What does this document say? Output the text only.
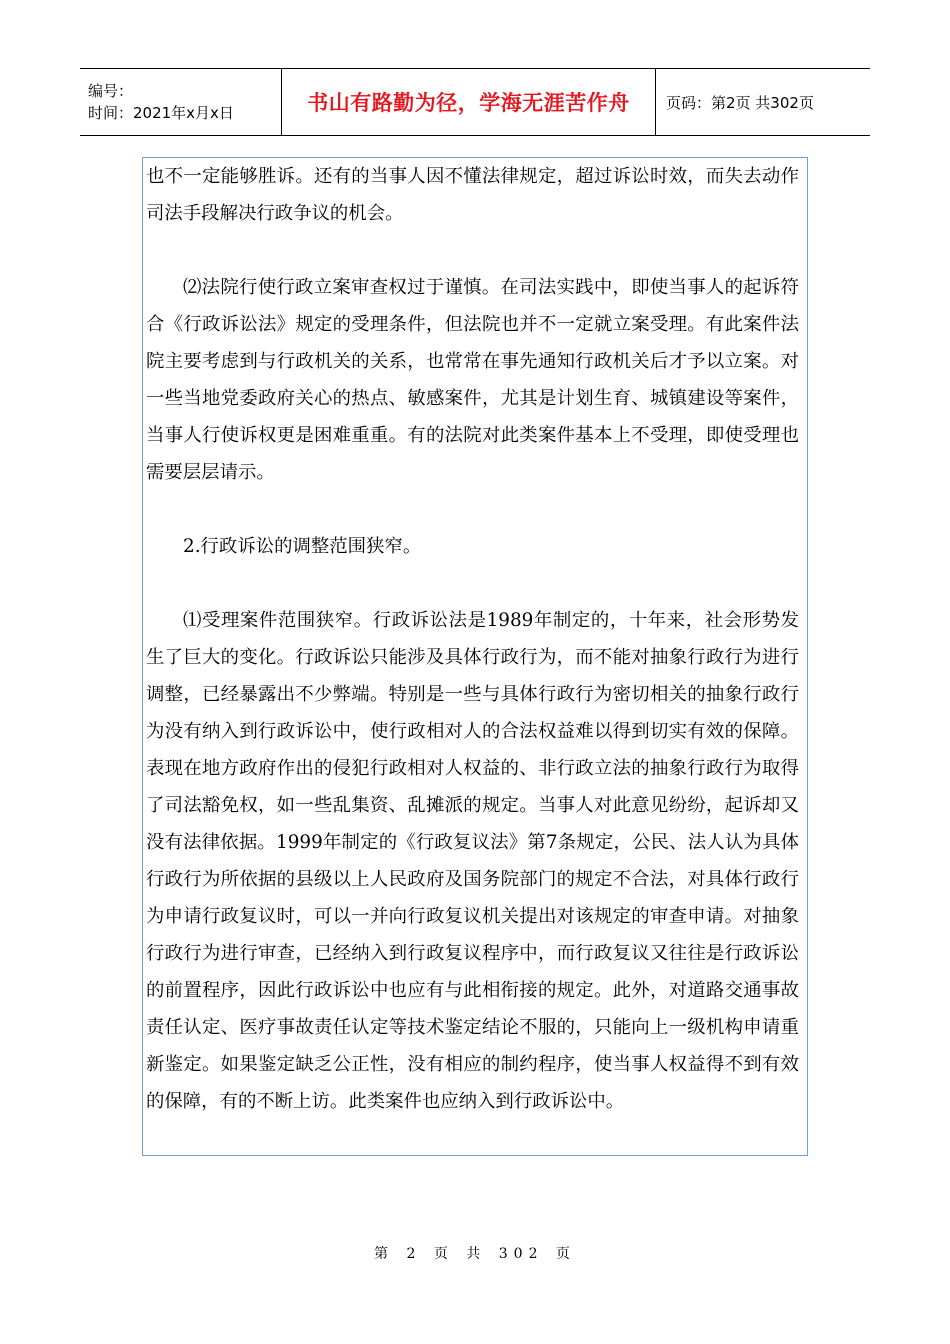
编号：
时间：2021年x月x日	书山有路勤为径，学海无涯苦作舟 页码：第2页 共302页

也不一定能够胜诉。还有的当事人因不懂法律规定，超过诉讼时效，而失去动作司法手段解决行政争议的机会。

⑵法院行使行政立案审查权过于谨慎。在司法实践中，即使当事人的起诉符合《行政诉讼法》规定的受理条件，但法院也并不一定就立案受理。有此案件法院主要考虑到与行政机关的关系，也常常在事先通知行政机关后才予以立案。对一些当地党委政府关心的热点、敏感案件，尤其是计划生育、城镇建设等案件，当事人行使诉权更是困难重重。有的法院对此类案件基本上不受理，即使受理也需要层层请示。

2.行政诉讼的调整范围狭窄。

⑴受理案件范围狭窄。行政诉讼法是1989年制定的，十年来，社会形势发生了巨大的变化。行政诉讼只能涉及具体行政行为，而不能对抽象行政行为进行调整，已经暴露出不少弊端。特别是一些与具体行政行为密切相关的抽象行政行为没有纳入到行政诉讼中，使行政相对人的合法权益难以得到切实有效的保障。表现在地方政府作出的侵犯行政相对人权益的、非行政立法的抽象行政行为取得了司法豁免权，如一些乱集资、乱摊派的规定。当事人对此意见纷纷，起诉却又没有法律依据。1999年制定的《行政复议法》第7条规定，公民、法人认为具体行政行为所依据的县级以上人民政府及国务院部门的规定不合法，对具体行政行为申请行政复议时，可以一并向行政复议机关提出对该规定的审查申请。对抽象行政行为进行审查，已经纳入到行政复议程序中，而行政复议又往往是行政诉讼的前置程序，因此行政诉讼中也应有与此相衔接的规定。此外，对道路交通事故责任认定、医疗事故责任认定等技术鉴定结论不服的，只能向上一级机构申请重新鉴定。如果鉴定缺乏公正性，没有相应的制约程序，使当事人权益得不到有效的保障，有的不断上访。此类案件也应纳入到行政诉讼中。

第 2 页 共 302 页
